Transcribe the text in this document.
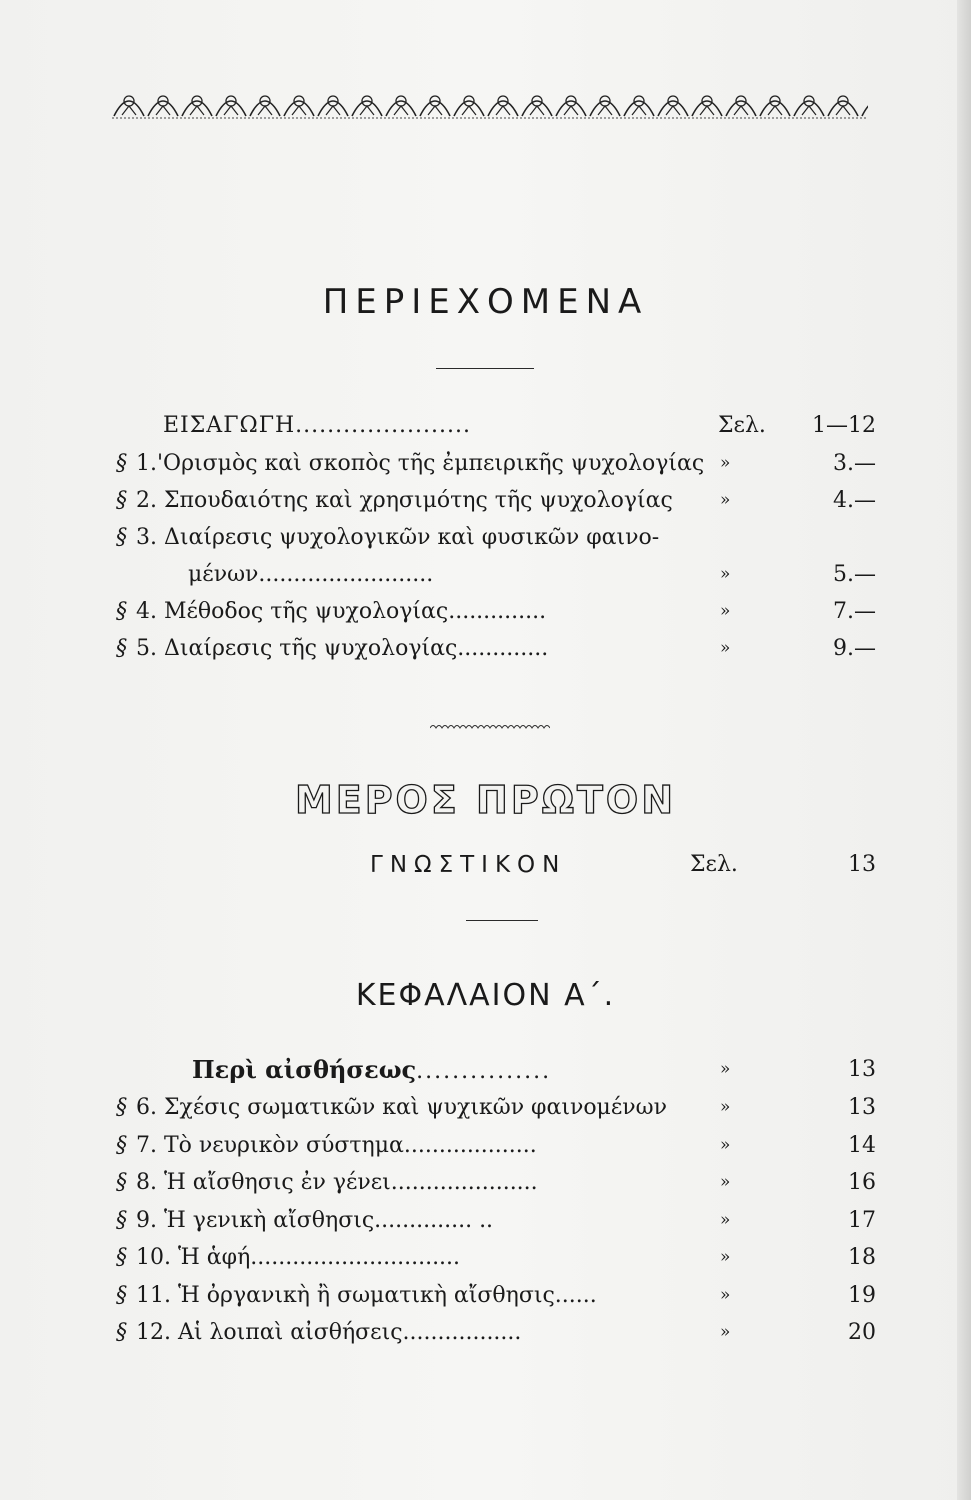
ΠΕΡΙΕΧΟΜΕΝΑ
ΕΙΣΑΓΩΓΗ......................	Σελ.	1—12
§ 1.'Ορισμὸς καὶ σκοπὸς τῆς ἐμπειρικῆς ψυχολογίας »	3.—
§ 2. Σπουδαιότης καὶ χρησιμότης τῆς ψυχολογίας	»	4.—
§ 3. Διαίρεσις ψυχολογικῶν καὶ φυσικῶν φαινο-
μένων.........................	»	5.—
§ 4. Μέθοδος τῆς ψυχολογίας..............	»	7.—
§ 5. Διαίρεσις τῆς ψυχολογίας.............	»	9.—
ΜΕΡΟΣ ΠΡΩΤΟΝ
ΓΝΩΣΤΙΚΟΝ	Σελ.	13
ΚΕΦΑΛΑΙΟΝ Α΄.
Περὶ αἰσθήσεως...............	»	13
§ 6. Σχέσις σωματικῶν καὶ ψυχικῶν φαινομένων	»	13
§ 7. Τὸ νευρικὸν σύστημα...................	»	14
§ 8. Ἡ αἴσθησις ἐν γένει.....................	»	16
§ 9. Ἡ γενικὴ αἴσθησις.............. ..	»	17
§ 10. Ἡ ἁφή..............................	»	18
§ 11. Ἡ ὀργανικὴ ἢ σωματικὴ αἴσθησις......	»	19
§ 12. Αἱ λοιπαὶ αἰσθήσεις.................	»	20
